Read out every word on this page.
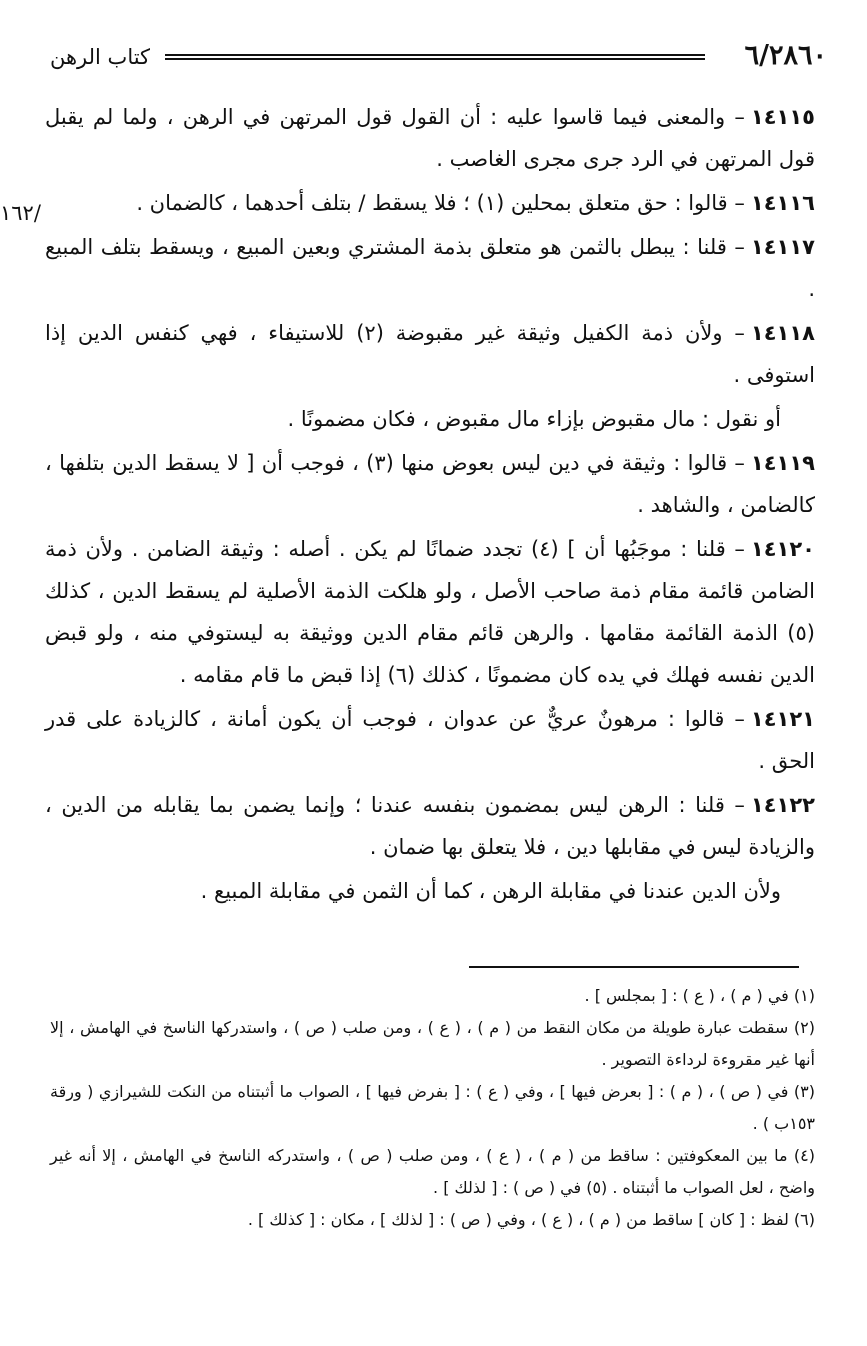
٦/٢٨٦٠
كتاب الرهن
١٦٢/

١٤١١٥– والمعنى فيما قاسوا عليه : أن القول قول المرتهن في الرهن ، ولما لم يقبل قول المرتهن في الرد جرى مجرى الغاصب .

١٤١١٦– قالوا : حق متعلق بمحلين (١) ؛ فلا يسقط / بتلف أحدهما ، كالضمان .

١٤١١٧– قلنا : يبطل بالثمن هو متعلق بذمة المشتري وبعين المبيع ، ويسقط بتلف المبيع .

١٤١١٨– ولأن ذمة الكفيل وثيقة غير مقبوضة (٢) للاستيفاء ، فهي كنفس الدين إذا استوفى .

أو نقول : مال مقبوض بإزاء مال مقبوض ، فكان مضمونًا .

١٤١١٩– قالوا : وثيقة في دين ليس بعوض منها (٣) ، فوجب أن [ لا يسقط الدين بتلفها ، كالضامن ، والشاهد .

١٤١٢٠– قلنا : موجَبُها أن ] (٤) تجدد ضمانًا لم يكن . أصله : وثيقة الضامن . ولأن ذمة الضامن قائمة مقام ذمة صاحب الأصل ، ولو هلكت الذمة الأصلية لم يسقط الدين ، كذلك (٥) الذمة القائمة مقامها . والرهن قائم مقام الدين ووثيقة به ليستوفي منه ، ولو قبض الدين نفسه فهلك في يده كان مضمونًا ، كذلك (٦) إذا قبض ما قام مقامه .

١٤١٢١– قالوا : مرهونٌ عريٌّ عن عدوان ، فوجب أن يكون أمانة ، كالزيادة على قدر الحق .

١٤١٢٢– قلنا : الرهن ليس بمضمون بنفسه عندنا ؛ وإنما يضمن بما يقابله من الدين ، والزيادة ليس في مقابلها دين ، فلا يتعلق بها ضمان .

ولأن الدين عندنا في مقابلة الرهن ، كما أن الثمن في مقابلة المبيع .

(١) في ( م ) ، ( ع ) : [ بمجلس ] .

(٢) سقطت عبارة طويلة من مكان النقط من ( م ) ، ( ع ) ، ومن صلب ( ص ) ، واستدركها الناسخ في الهامش ، إلا أنها غير مقروءة لرداءة التصوير .

(٣) في ( ص ) ، ( م ) : [ بعرض فيها ] ، وفي ( ع ) : [ بفرض فيها ] ، الصواب ما أثبتناه من النكت للشيرازي ( ورقة ١٥٣ب ) .

(٤) ما بين المعكوفتين : ساقط من ( م ) ، ( ع ) ، ومن صلب ( ص ) ، واستدركه الناسخ في الهامش ، إلا أنه غير واضح ، لعل الصواب ما أثبتناه . (٥) في ( ص ) : [ لذلك ] .

(٦) لفظ : [ كان ] ساقط من ( م ) ، ( ع ) ، وفي ( ص ) : [ لذلك ] ، مكان : [ كذلك ] .
